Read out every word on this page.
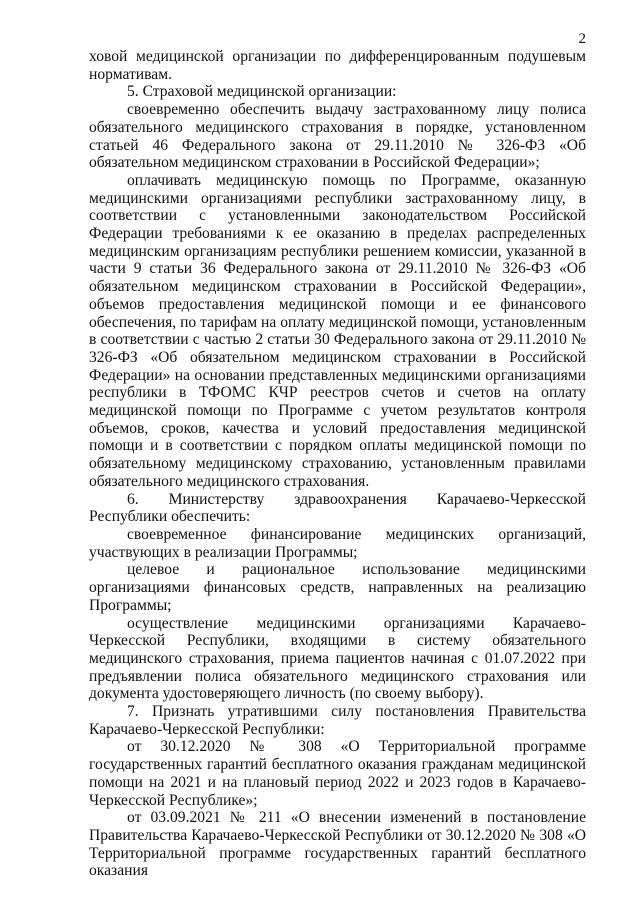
2

ховой медицинской организации по дифференцированным подушевым нормативам.

5. Страховой медицинской организации:

своевременно обеспечить выдачу застрахованному лицу полиса обязательного медицинского страхования в порядке, установленном статьей 46 Федерального закона от 29.11.2010 № 326-ФЗ «Об обязательном медицинском страховании в Российской Федерации»;

оплачивать медицинскую помощь по Программе, оказанную медицинскими организациями республики застрахованному лицу, в соответствии с установленными законодательством Российской Федерации требованиями к ее оказанию в пределах распределенных медицинским организациям республики решением комиссии, указанной в части 9 статьи 36 Федерального закона от 29.11.2010 № 326-ФЗ «Об обязательном медицинском страховании в Российской Федерации», объемов предоставления медицинской помощи и ее финансового обеспечения, по тарифам на оплату медицинской помощи, установленным в соответствии с частью 2 статьи 30 Федерального закона от 29.11.2010 № 326-ФЗ «Об обязательном медицинском страховании в Российской Федерации» на основании представленных медицинскими организациями республики в ТФОМС КЧР реестров счетов и счетов на оплату медицинской помощи по Программе с учетом результатов контроля объемов, сроков, качества и условий предоставления медицинской помощи и в соответствии с порядком оплаты медицинской помощи по обязательному медицинскому страхованию, установленным правилами обязательного медицинского страхования.

6. Министерству здравоохранения Карачаево-Черкесской Республики обеспечить:

своевременное финансирование медицинских организаций, участвующих в реализации Программы;

целевое и рациональное использование медицинскими организациями финансовых средств, направленных на реализацию Программы;

осуществление медицинскими организациями Карачаево-Черкесской Республики, входящими в систему обязательного медицинского страхования, приема пациентов начиная с 01.07.2022 при предъявлении полиса обязательного медицинского страхования или документа удостоверяющего личность (по своему выбору).

7. Признать утратившими силу постановления Правительства Карачаево-Черкесской Республики:

от 30.12.2020 № 308 «О Территориальной программе государственных гарантий бесплатного оказания гражданам медицинской помощи на 2021 и на плановый период 2022 и 2023 годов в Карачаево-Черкесской Республике»;

от 03.09.2021 № 211 «О внесении изменений в постановление Правительства Карачаево-Черкесской Республики от 30.12.2020 № 308 «О Территориальной программе государственных гарантий бесплатного оказания
